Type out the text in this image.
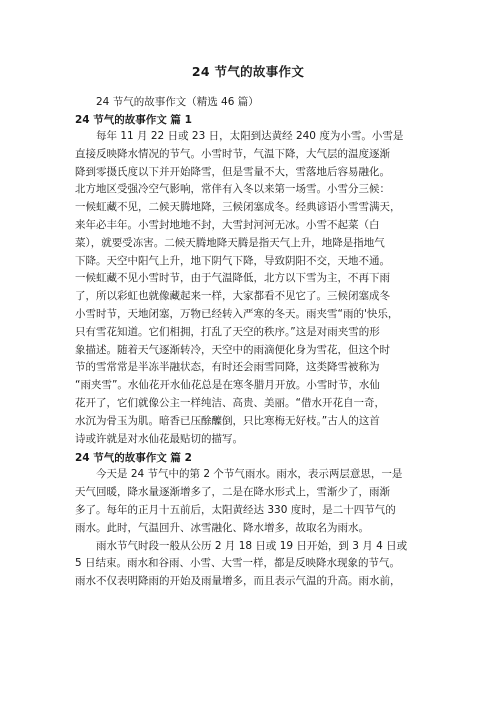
24 节气的故事作文

24 节气的故事作文（精选 46 篇）

24 节气的故事作文 篇 1

每年 11 月 22 日或 23 日，太阳到达黄经 240 度为小雪。小雪是
直接反映降水情况的节气。小雪时节，气温下降，大气层的温度逐渐
降到零摄氏度以下并开始降雪，但是雪量不大，雪落地后容易融化。
北方地区受强冷空气影响，常伴有入冬以来第一场雪。小雪分三候：
一候虹藏不见，二候天腾地降，三候闭塞成冬。经典谚语小雪雪满天，
来年必丰年。小雪封地地不封，大雪封河河无冰。小雪不起菜（白
菜），就要受冻害。二候天腾地降天腾是指天气上升，地降是指地气
下降。天空中阳气上升，地下阴气下降，导致阴阳不交，天地不通。
一候虹藏不见小雪时节，由于气温降低，北方以下雪为主，不再下雨
了，所以彩虹也就像藏起来一样，大家都看不见它了。三候闭塞成冬
小雪时节，天地闭塞，万物已经转入严寒的冬天。雨夹雪“雨的'快乐，
只有雪花知道。它们相拥，打乱了天空的秩序。”这是对雨夹雪的形
象描述。随着天气逐渐转冷，天空中的雨滴便化身为雪花，但这个时
节的雪常常是半冻半融状态，有时还会雨雪同降，这类降雪被称为
“雨夹雪”。水仙花开水仙花总是在寒冬腊月开放。小雪时节，水仙
花开了，它们就像公主一样纯洁、高贵、美丽。“借水开花自一奇，
水沉为骨玉为肌。暗香已压酴醾倒，只比寒梅无好枝。”古人的这首
诗或许就是对水仙花最贴切的描写。

24 节气的故事作文 篇 2

今天是 24 节气中的第 2 个节气雨水。雨水，表示两层意思，一是
天气回暖，降水量逐渐增多了，二是在降水形式上，雪渐少了，雨渐
多了。每年的正月十五前后，太阳黄经达 330 度时，是二十四节气的
雨水。此时，气温回升、冰雪融化、降水增多，故取名为雨水。

雨水节气时段一般从公历 2 月 18 日或 19 日开始，到 3 月 4 日或
5 日结束。雨水和谷雨、小雪、大雪一样，都是反映降水现象的节气。
雨水不仅表明降雨的开始及雨量增多，而且表示气温的升高。雨水前，
